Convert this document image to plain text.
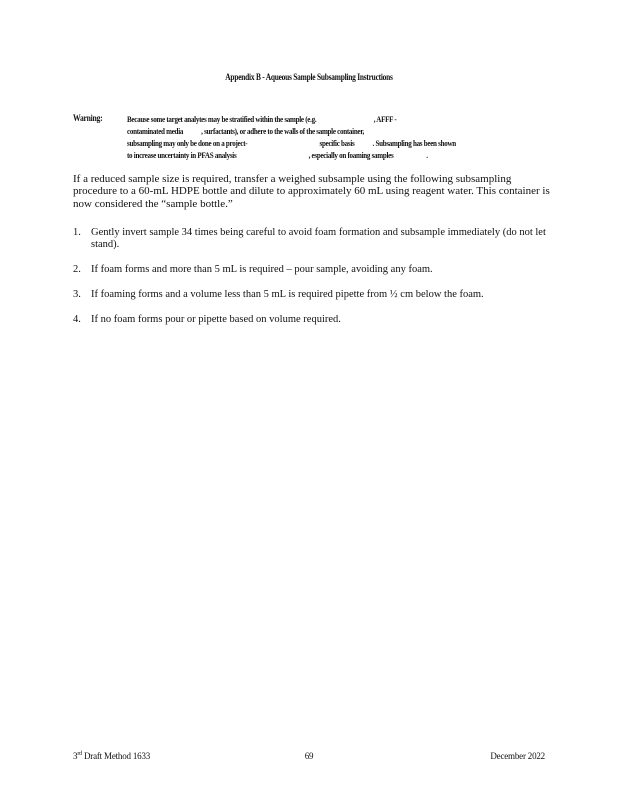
Appendix B - Aqueous Sample Subsampling Instructions
Warning:	Because some target analytes may be stratified within the sample (e.g.	, AFFF -
contaminated media , surfactants), or adhere to the walls of the sample container,
subsampling may only be done on a project-	specific basis . Subsampling has been shown
to increase uncertainty in PFAS analysis	, especially on foaming samples	.
If a reduced sample size is required, transfer a weighed subsample using the following subsampling procedure to a 60-mL HDPE bottle and dilute to approximately 60 mL using reagent water. This container is now considered the “sample bottle.”
1. Gently invert sample 34 times being careful to avoid foam formation and subsample immediately (do not let stand).
2. If foam forms and more than 5 mL is required – pour sample, avoiding any foam.
3. If foaming forms and a volume less than 5 mL is required pipette from ½ cm below the foam.
4. If no foam forms pour or pipette based on volume required.
3rd Draft Method 1633	69	December 2022
